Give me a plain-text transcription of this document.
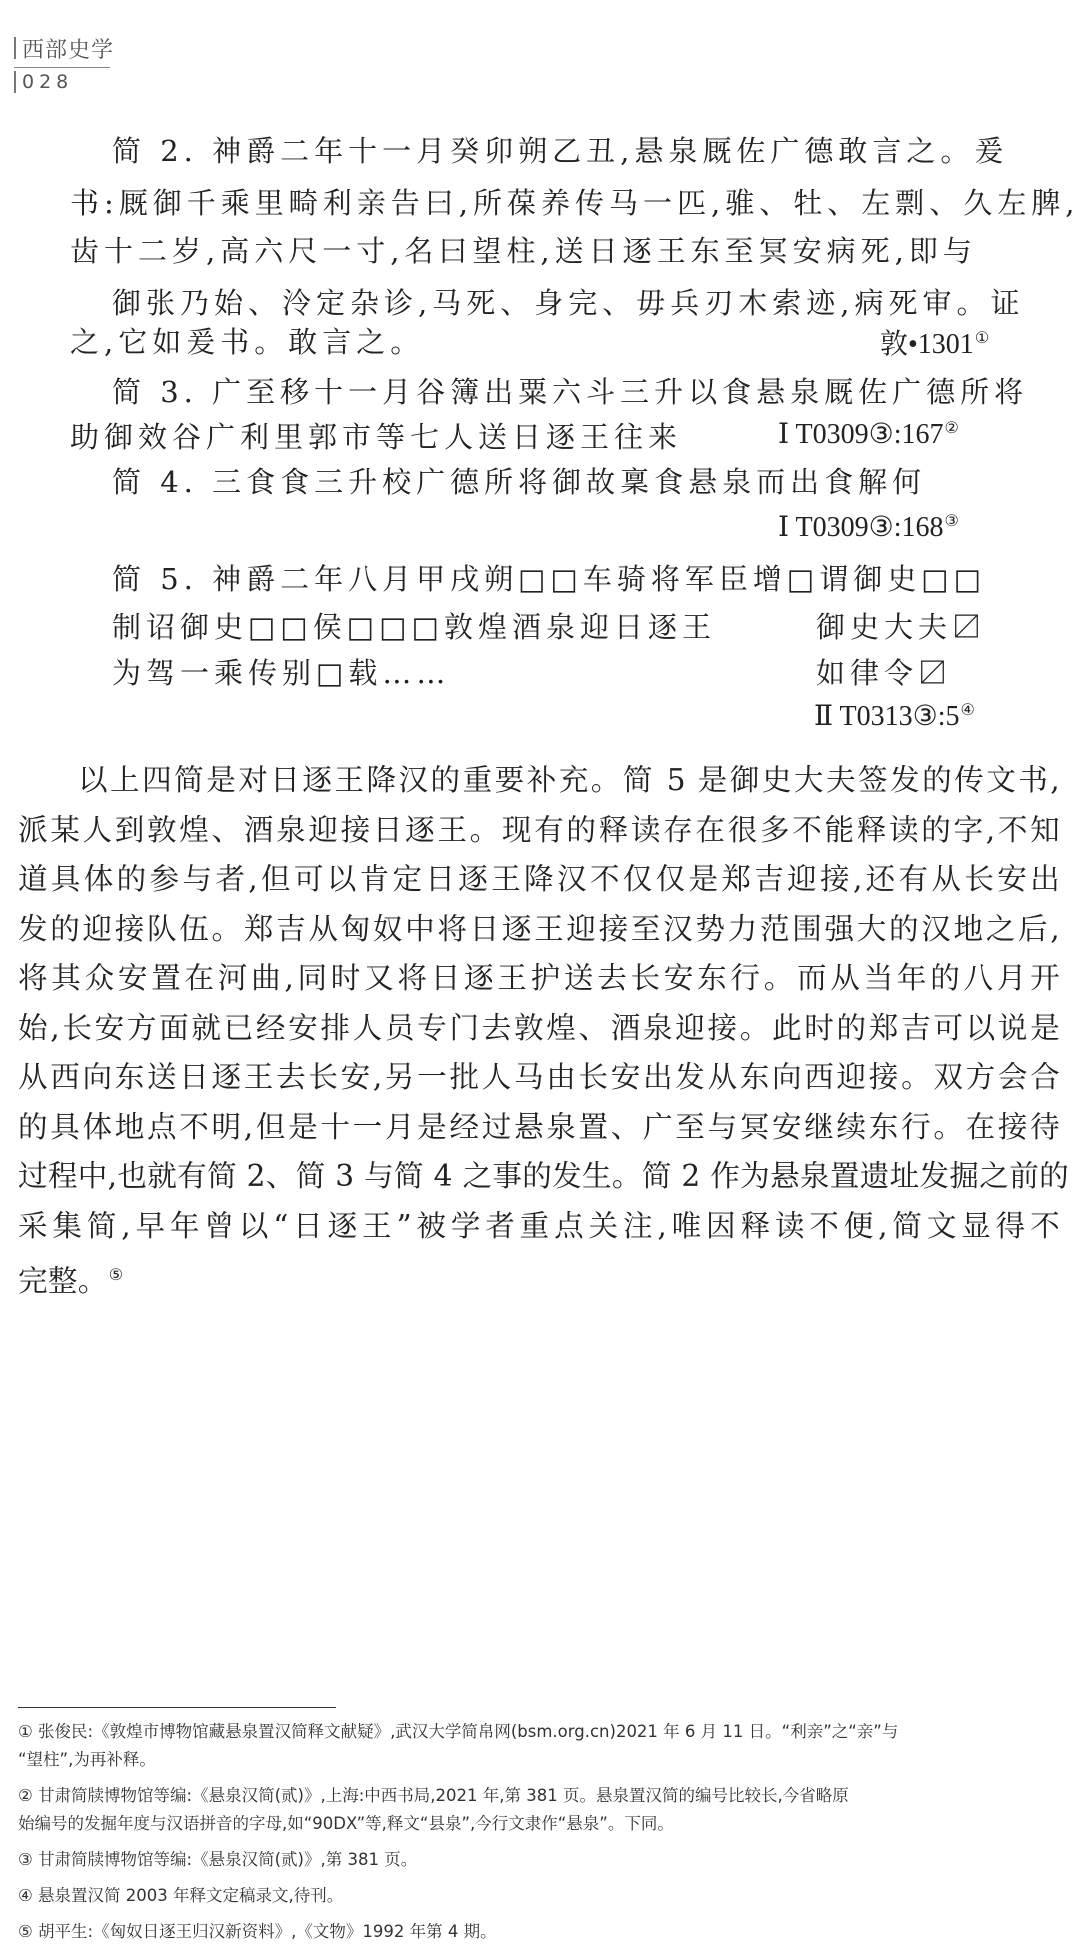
西部史学
028
简 2. 神爵二年十一月癸卯朔乙丑,悬泉厩佐广德敢言之。爰
书:厩御千乘里畸利亲告曰,所葆养传马一匹,骓、牡、左剽、久左脾,
齿十二岁,高六尺一寸,名曰望柱,送日逐王东至冥安病死,即与
御张乃始、泠定杂诊,马死、身完、毋兵刃木索迹,病死审。证
之,它如爰书。敢言之。	敦•1301①
简 3. 广至移十一月谷簿出粟六斗三升以食悬泉厩佐广德所将
助御效谷广利里郭市等七人送日逐王往来	Ⅰ T0309③:167②
简 4. 三食食三升校广德所将御故稟食悬泉而出食解何
Ⅰ T0309③:168③
简 5. 神爵二年八月甲戌朔□□车骑将军臣增□谓御史□□
制诏御史□□侯□□□敦煌酒泉迎日逐王	御史大夫〼
为驾一乘传别□载……	如律令〼
Ⅱ T0313③:5④
以上四简是对日逐王降汉的重要补充。简 5 是御史大夫签发的传文书,
派某人到敦煌、酒泉迎接日逐王。现有的释读存在很多不能释读的字,不知
道具体的参与者,但可以肯定日逐王降汉不仅仅是郑吉迎接,还有从长安出
发的迎接队伍。郑吉从匈奴中将日逐王迎接至汉势力范围强大的汉地之后,
将其众安置在河曲,同时又将日逐王护送去长安东行。而从当年的八月开
始,长安方面就已经安排人员专门去敦煌、酒泉迎接。此时的郑吉可以说是
从西向东送日逐王去长安,另一批人马由长安出发从东向西迎接。双方会合
的具体地点不明,但是十一月是经过悬泉置、广至与冥安继续东行。在接待
过程中,也就有简 2、简 3 与简 4 之事的发生。简 2 作为悬泉置遗址发掘之前的
采集简,早年曾以“日逐王”被学者重点关注,唯因释读不便,简文显得不
完整。⑤
① 张俊民:《敦煌市博物馆藏悬泉置汉简释文献疑》,武汉大学简帛网(bsm.org.cn)2021 年 6 月 11 日。“利亲”之“亲”与
“望柱”,为再补释。
② 甘肃简牍博物馆等编:《悬泉汉简(贰)》,上海:中西书局,2021 年,第 381 页。悬泉置汉简的编号比较长,今省略原
始编号的发掘年度与汉语拼音的字母,如“90DX”等,释文“县泉”,今行文隶作“悬泉”。下同。
③ 甘肃简牍博物馆等编:《悬泉汉简(贰)》,第 381 页。
④ 悬泉置汉简 2003 年释文定稿录文,待刊。
⑤ 胡平生:《匈奴日逐王归汉新资料》,《文物》1992 年第 4 期。
